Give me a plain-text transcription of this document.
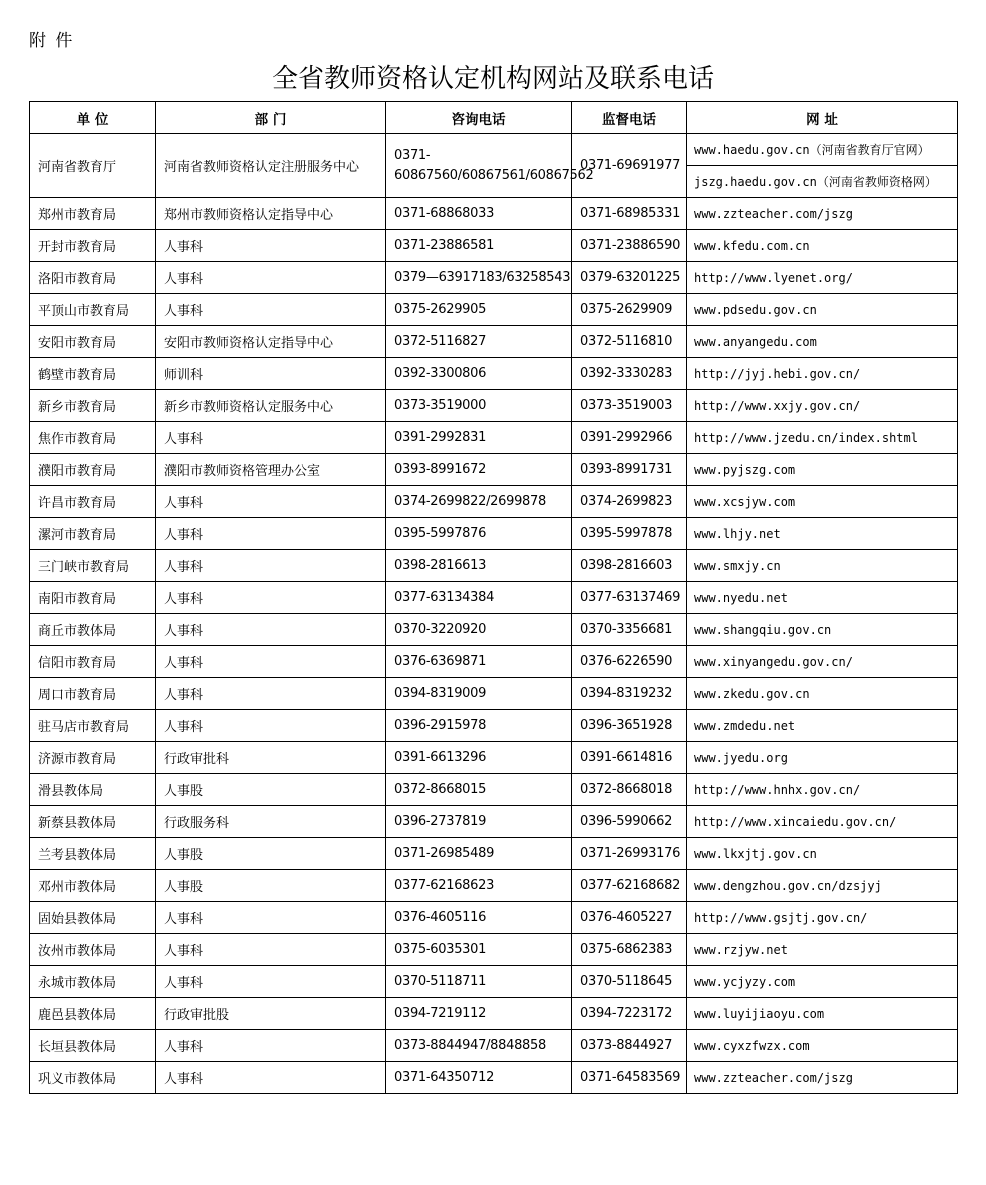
附 件
全省教师资格认定机构网站及联系电话
单 位	部 门	咨询电话	监督电话	网 址
河南省教育厅	河南省教师资格认定注册服务中心	0371-60867560/60867561/60867562	0371-69691977	www.haedu.gov.cn（河南省教育厅官网）
				jszg.haedu.gov.cn（河南省教师资格网）
郑州市教育局	郑州市教师资格认定指导中心	0371-68868033	0371-68985331	www.zzteacher.com/jszg
开封市教育局	人事科	0371-23886581	0371-23886590	www.kfedu.com.cn
洛阳市教育局	人事科	0379—63917183/63258543	0379-63201225	http://www.lyenet.org/
平顶山市教育局	人事科	0375-2629905	0375-2629909	www.pdsedu.gov.cn
安阳市教育局	安阳市教师资格认定指导中心	0372-5116827	0372-5116810	www.anyangedu.com
鹤壁市教育局	师训科	0392-3300806	0392-3330283	http://jyj.hebi.gov.cn/
新乡市教育局	新乡市教师资格认定服务中心	0373-3519000	0373-3519003	http://www.xxjy.gov.cn/
焦作市教育局	人事科	0391-2992831	0391-2992966	http://www.jzedu.cn/index.shtml
濮阳市教育局	濮阳市教师资格管理办公室	0393-8991672	0393-8991731	www.pyjszg.com
许昌市教育局	人事科	0374-2699822/2699878	0374-2699823	www.xcsjyw.com
漯河市教育局	人事科	0395-5997876	0395-5997878	www.lhjy.net
三门峡市教育局	人事科	0398-2816613	0398-2816603	www.smxjy.cn
南阳市教育局	人事科	0377-63134384	0377-63137469	www.nyedu.net
商丘市教体局	人事科	0370-3220920	0370-3356681	www.shangqiu.gov.cn
信阳市教育局	人事科	0376-6369871	0376-6226590	www.xinyangedu.gov.cn/
周口市教育局	人事科	0394-8319009	0394-8319232	www.zkedu.gov.cn
驻马店市教育局	人事科	0396-2915978	0396-3651928	www.zmdedu.net
济源市教育局	行政审批科	0391-6613296	0391-6614816	www.jyedu.org
滑县教体局	人事股	0372-8668015	0372-8668018	http://www.hnhx.gov.cn/
新蔡县教体局	行政服务科	0396-2737819	0396-5990662	http://www.xincaiedu.gov.cn/
兰考县教体局	人事股	0371-26985489	0371-26993176	www.lkxjtj.gov.cn
邓州市教体局	人事股	0377-62168623	0377-62168682	www.dengzhou.gov.cn/dzsjyj
固始县教体局	人事科	0376-4605116	0376-4605227	http://www.gsjtj.gov.cn/
汝州市教体局	人事科	0375-6035301	0375-6862383	www.rzjyw.net
永城市教体局	人事科	0370-5118711	0370-5118645	www.ycjyzy.com
鹿邑县教体局	行政审批股	0394-7219112	0394-7223172	www.luyijiaoyu.com
长垣县教体局	人事科	0373-8844947/8848858	0373-8844927	www.cyxzfwzx.com
巩义市教体局	人事科	0371-64350712	0371-64583569	www.zzteacher.com/jszg
